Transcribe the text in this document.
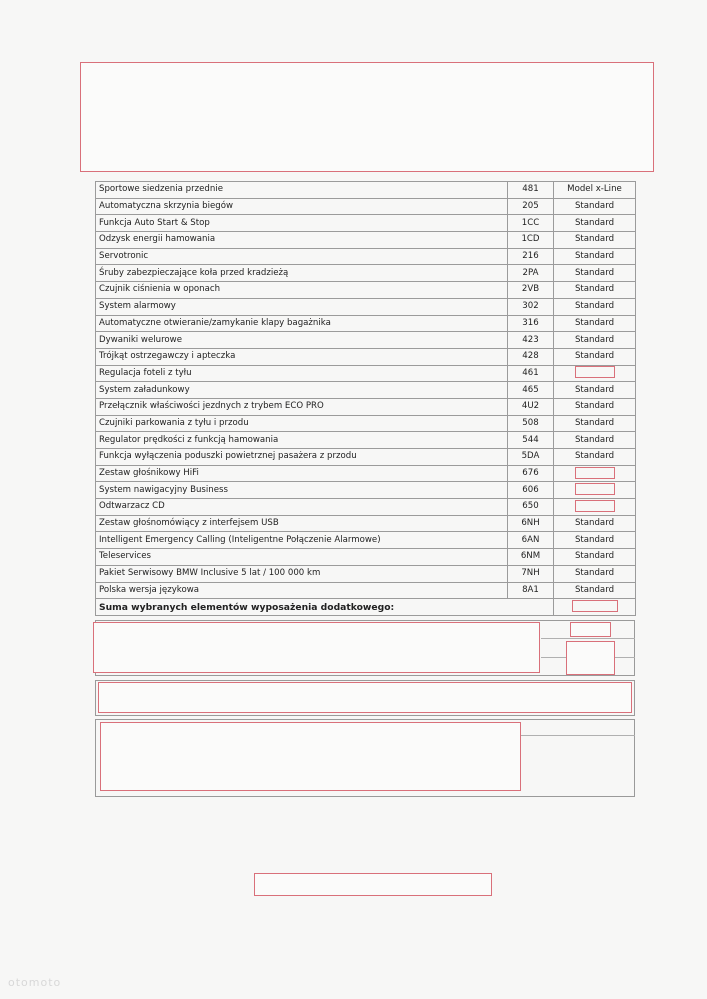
Sportowe siedzenia przednie	481	Model x-Line
Automatyczna skrzynia biegów	205	Standard
Funkcja Auto Start & Stop	1CC	Standard
Odzysk energii hamowania	1CD	Standard
Servotronic	216	Standard
Śruby zabezpieczające koła przed kradzieżą	2PA	Standard
Czujnik ciśnienia w oponach	2VB	Standard
System alarmowy	302	Standard
Automatyczne otwieranie/zamykanie klapy bagażnika	316	Standard
Dywaniki welurowe	423	Standard
Trójkąt ostrzegawczy i apteczka	428	Standard
Regulacja foteli z tyłu	461	
System załadunkowy	465	Standard
Przełącznik właściwości jezdnych z trybem ECO PRO	4U2	Standard
Czujniki parkowania z tyłu i przodu	508	Standard
Regulator prędkości z funkcją hamowania	544	Standard
Funkcja wyłączenia poduszki powietrznej pasażera z przodu	5DA	Standard
Zestaw głośnikowy HiFi	676	
System nawigacyjny Business	606	
Odtwarzacz CD	650	
Zestaw głośnomówiący z interfejsem USB	6NH	Standard
Intelligent Emergency Calling (Inteligentne Połączenie Alarmowe)	6AN	Standard
Teleservices	6NM	Standard
Pakiet Serwisowy BMW Inclusive 5 lat / 100 000 km	7NH	Standard
Polska wersja językowa	8A1	Standard
Suma wybranych elementów wyposażenia dodatkowego:		
otomoto
